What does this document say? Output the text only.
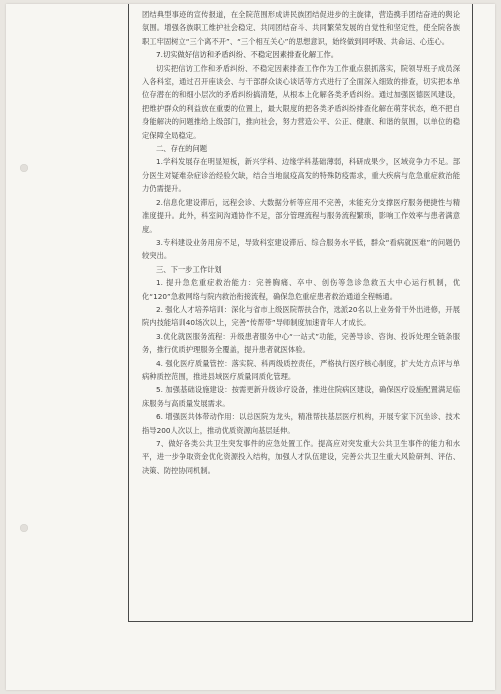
团结典型事迹的宣传报道，在全院范围形成讲民族团结促进步的主旋律，营造携手团结奋进的舆论氛围。增强各族职工维护社会稳定、共同团结奋斗、共同繁荣发展的自觉性和坚定性，使全院各族职工牢固树立“三个离不开”、“三个相互关心”的思想意识，始终做到同呼吸、共命运、心连心。

7.切实做好信访和矛盾纠纷、不稳定因素排查化解工作。

切实把信访工作和矛盾纠纷、不稳定因素排查工作作为工作重点狠抓落实，院领导班子成员深入各科室，通过召开座谈会、与干部群众谈心谈话等方式进行了全面深入细致的排查，切实把本单位存潜在的和细小层次的矛盾纠纷搞清楚，从根本上化解各类矛盾纠纷。通过加强医德医风建设，把维护群众的利益放在重要的位置上，最大限度的把各类矛盾纠纷排查化解在萌芽状态，绝不把自身能解决的问题推给上级部门，推向社会，努力营造公平、公正、健康、和谐的氛围，以单位的稳定保障全局稳定。

二、存在的问题

1.学科发展存在明显短板，新兴学科、边缘学科基础薄弱，科研成果少，区域竞争力不足。部分医生对疑难杂症诊治经验欠缺，结合当地鼠疫高发的特殊防疫需求，重大疾病与危急重症救治能力仍需提升。

2.信息化建设滞后，远程会诊、大数据分析等应用不完善，未能充分支撑医疗服务便捷性与精准度提升。此外，科室间沟通协作不足，部分管理流程与服务流程繁琐，影响工作效率与患者满意度。

3.专科建设业务用房不足，导致科室建设滞后、综合服务水平低，群众“看病就医难”的问题仍较突出。

三、下一步工作计划

1. 提升急危重症救治能力：完善胸痛、卒中、创伤等急诊急救五大中心运行机制，优化“120”急救网络与院内救治衔接流程，确保急危重症患者救治通道全程畅通。

2. 强化人才培养培训：深化与省市上级医院帮扶合作，选派20名以上业务骨干外出进修，开展院内技能培训40场次以上，完善“传帮带”导师制度加速青年人才成长。

3.优化就医服务流程：升级患者服务中心“一站式”功能，完善导诊、咨询、投诉处理全链条服务，推行优质护理服务全覆盖，提升患者就医体验。

4. 强化医疗质量管控：落实院、科两级质控责任，严格执行医疗核心制度，扩大处方点评与单病种质控范围，推进县域医疗质量同质化管理。

5. 加强基础设施建设：按需更新升级诊疗设备，推进住院病区建设，确保医疗设施配置满足临床服务与高质量发展需求。

6. 增强医共体带动作用：以总医院为龙头，精准帮扶基层医疗机构，开展专家下沉坐诊、技术指导200人次以上，推动优质资源向基层延伸。

7、做好各类公共卫生突发事件的应急处置工作。提高应对突发重大公共卫生事件的能力和水平，进一步争取资金优化资源投入结构，加强人才队伍建设，完善公共卫生重大风险研判、评估、决策、防控协同机制。
